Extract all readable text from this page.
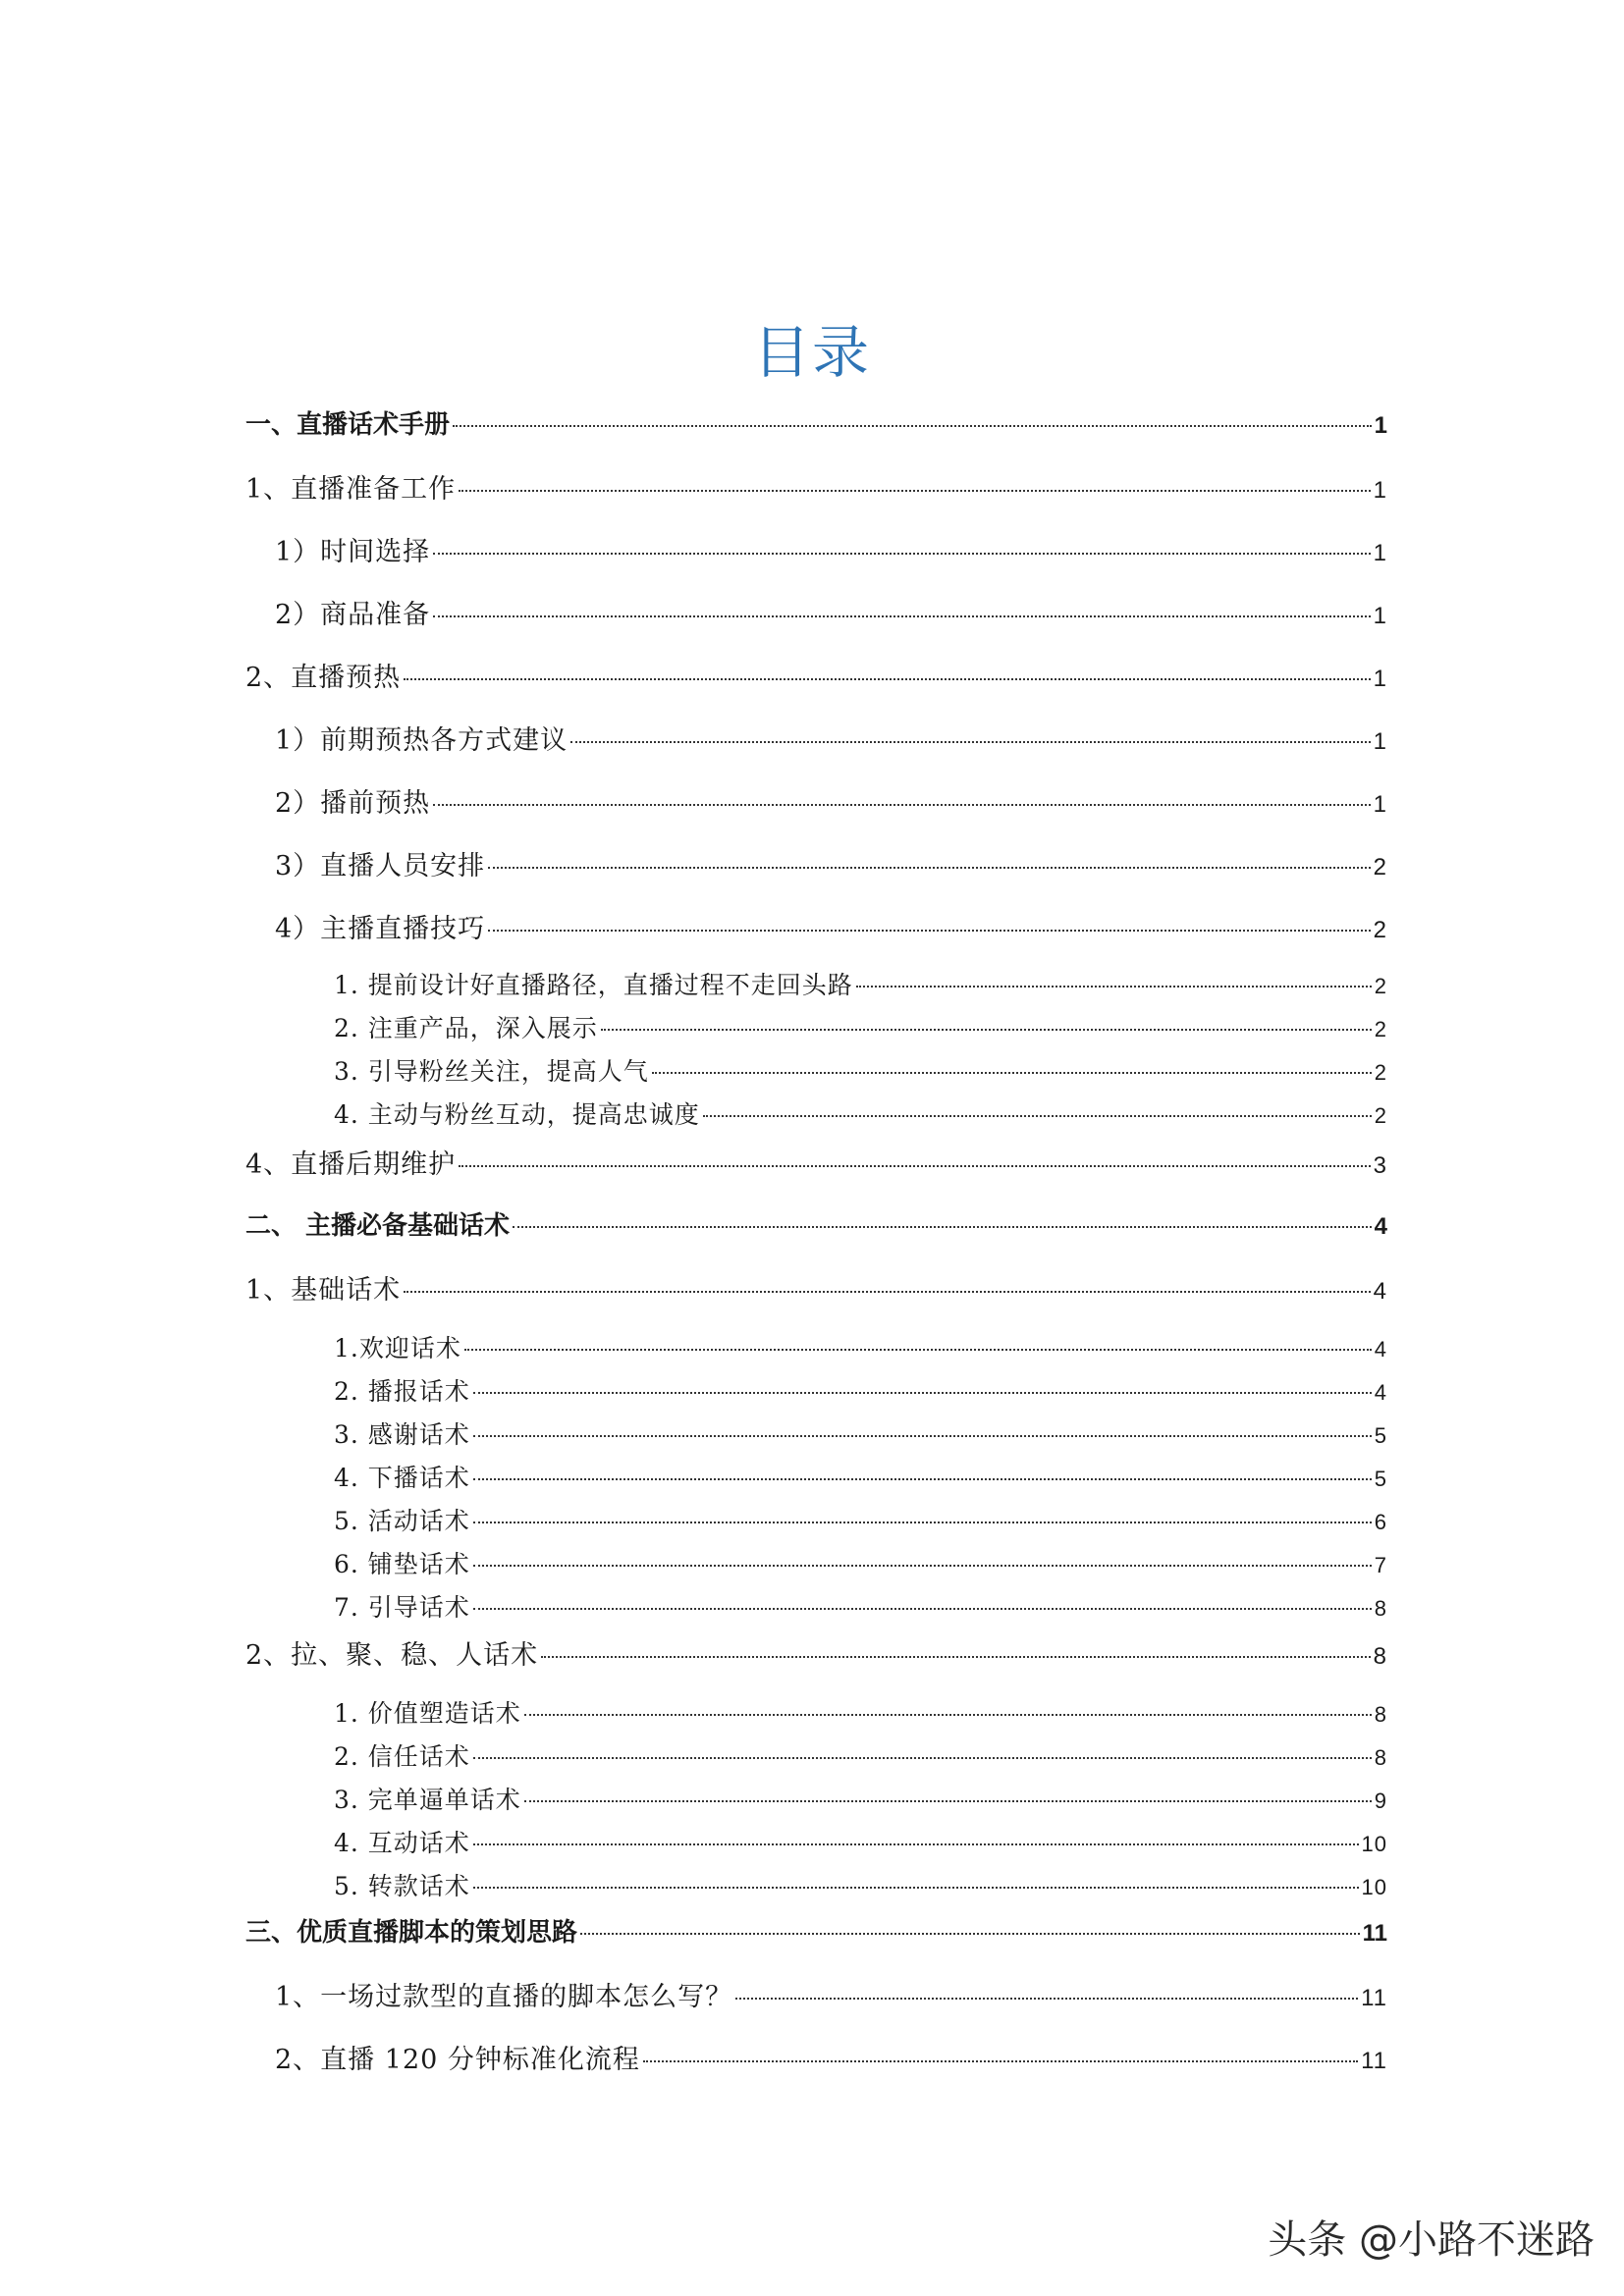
目录
一、直播话术手册	1
1、直播准备工作	1
1）时间选择	1
2）商品准备	1
2、直播预热	1
1）前期预热各方式建议	1
2）播前预热	1
3）直播人员安排	2
4）主播直播技巧	2
1. 提前设计好直播路径，直播过程不走回头路	2
2. 注重产品，深入展示	2
3. 引导粉丝关注，提高人气	2
4. 主动与粉丝互动，提高忠诚度	2
4、直播后期维护	3
二、 主播必备基础话术	4
1、基础话术	4
1.欢迎话术	4
2. 播报话术	4
3. 感谢话术	5
4. 下播话术	5
5. 活动话术	6
6. 铺垫话术	7
7. 引导话术	8
2、拉、聚、稳、人话术	8
1. 价值塑造话术	8
2. 信任话术	8
3. 完单逼单话术	9
4. 互动话术	10
5. 转款话术	10
三、优质直播脚本的策划思路	11
1、一场过款型的直播的脚本怎么写？	11
2、直播 120 分钟标准化流程	11
头条 @小路不迷路
